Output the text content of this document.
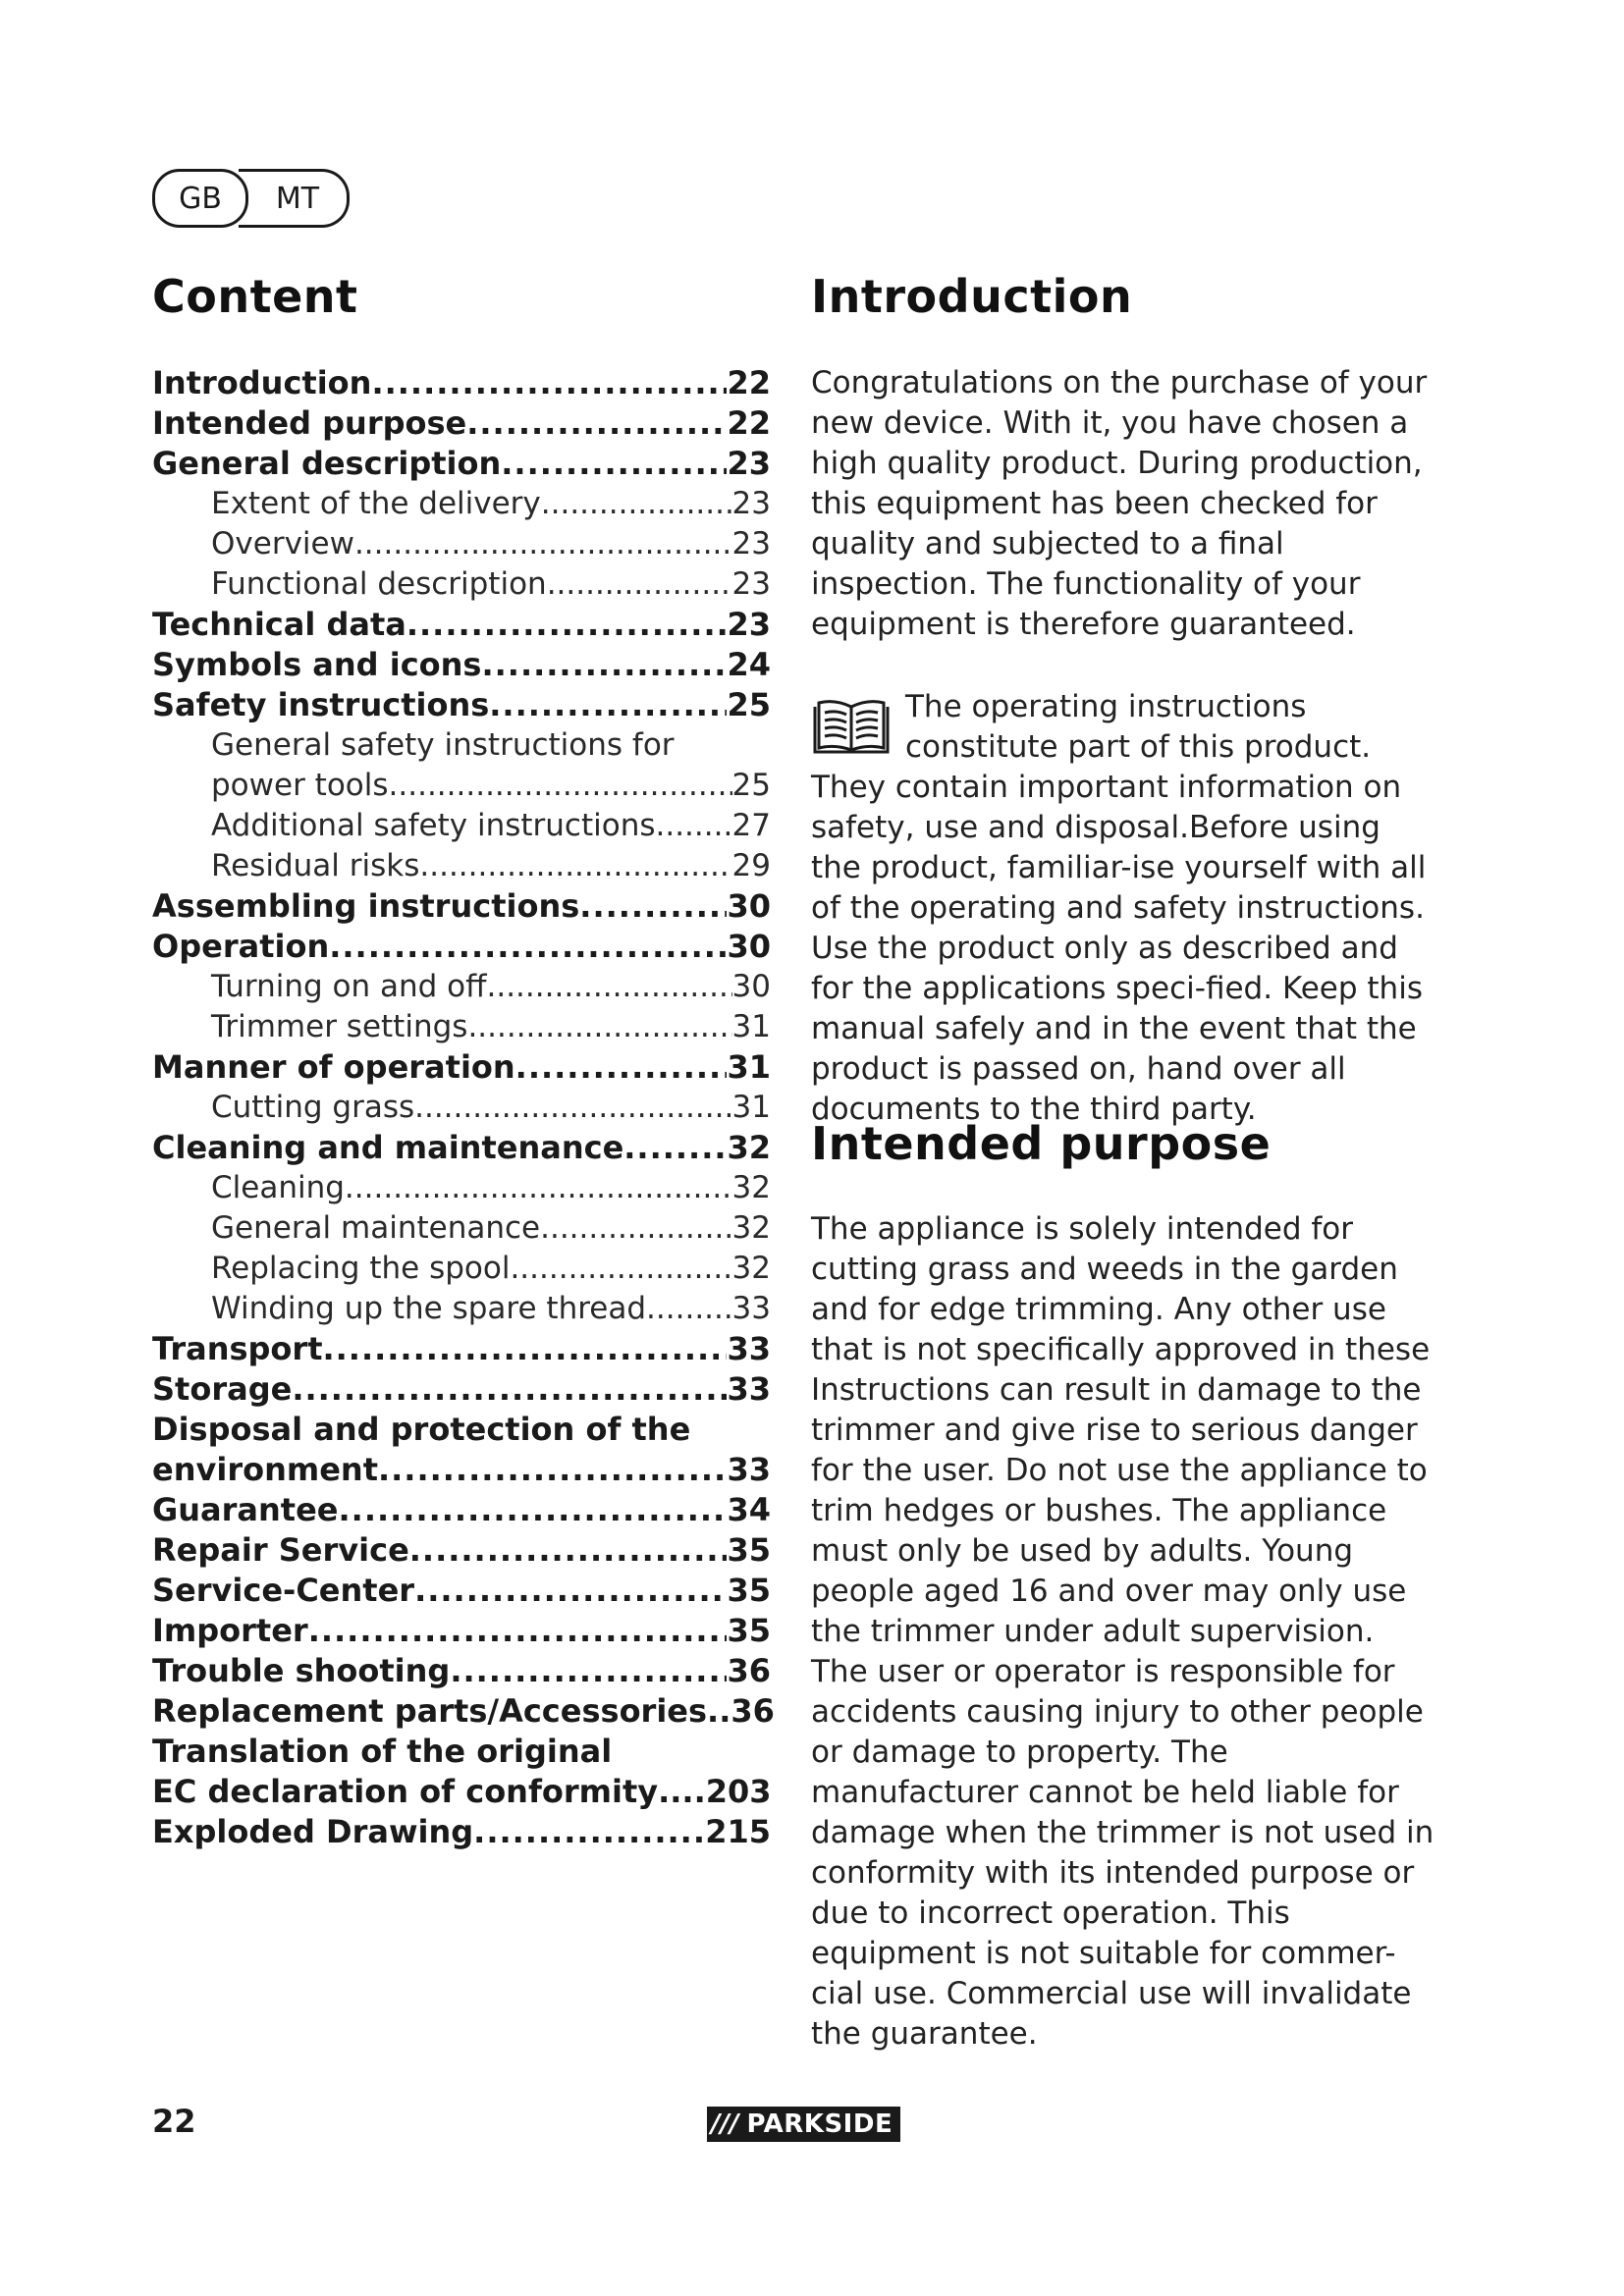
GB	MT
Content
Introduction .....	22
Intended purpose .....	22
General description .....	23
Extent of the delivery .....	23
Overview .....	23
Functional description .....	23
Technical data .....	23
Symbols and icons .....	24
Safety instructions .....	25
General safety instructions for
power tools .....	25
Additional safety instructions .....	27
Residual risks .....	29
Assembling instructions .....	30
Operation .....	30
Turning on and off .....	30
Trimmer settings .....	31
Manner of operation .....	31
Cutting grass .....	31
Cleaning and maintenance .....	32
Cleaning .....	32
General maintenance .....	32
Replacing the spool .....	32
Winding up the spare thread .....	33
Transport .....	33
Storage .....	33
Disposal and protection of the
environment .....	33
Guarantee .....	34
Repair Service .....	35
Service-Center .....	35
Importer .....	35
Trouble shooting .....	36
Replacement parts/Accessories ..36
Translation of the original
EC declaration of conformity ....203
Exploded Drawing .....	215
Introduction

Congratulations on the purchase of your new device. With it, you have chosen a high quality product. During production, this equipment has been checked for quality and subjected to a final inspection. The functionality of your equipment is therefore guaranteed.

The operating instructions constitute part of this product. They contain important information on safety, use and disposal.Before using the product, familiar-ise yourself with all of the operating and safety instructions. Use the product only as described and for the applications speci-fied. Keep this manual safely and in the event that the product is passed on, hand over all documents to the third party.
Intended purpose

The appliance is solely intended for cutting grass and weeds in the garden and for edge trimming. Any other use that is not specifically approved in these Instructions can result in damage to the trimmer and give rise to serious danger for the user. Do not use the appliance to trim hedges or bushes. The appliance must only be used by adults. Young people aged 16 and over may only use the trimmer under adult supervision. The user or operator is responsible for accidents causing injury to other people or damage to property. The manufacturer cannot be held liable for damage when the trimmer is not used in conformity with its intended purpose or due to incorrect operation. This equipment is not suitable for commer-cial use. Commercial use will invalidate the guarantee.

22	/// PARKSIDE
